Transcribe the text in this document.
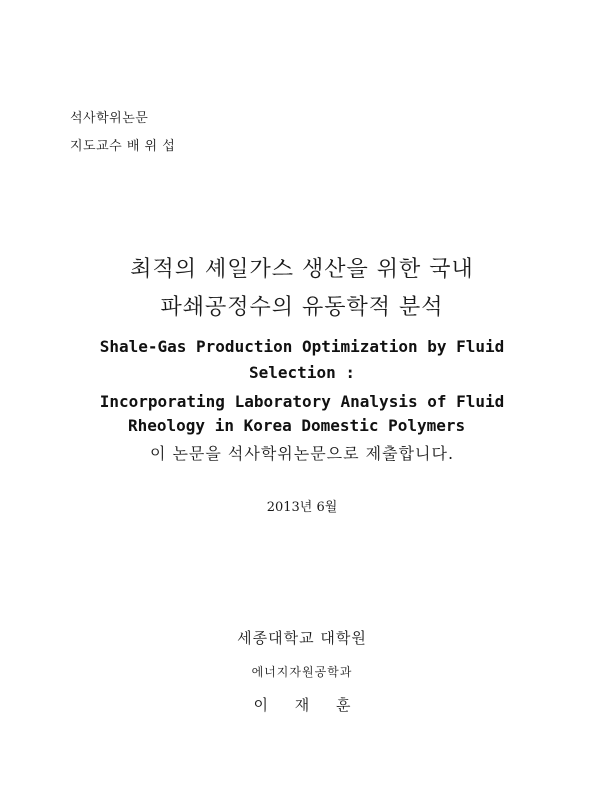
석사학위논문
지도교수 배 위 섭
최적의 셰일가스 생산을 위한 국내
파쇄공정수의 유동학적 분석
Shale-Gas Production Optimization by Fluid
Selection :
Incorporating Laboratory Analysis of Fluid
Rheology in Korea Domestic Polymers
이 논문을 석사학위논문으로 제출합니다.
2013년 6월
세종대학교 대학원
에너지자원공학과
이 재 훈
